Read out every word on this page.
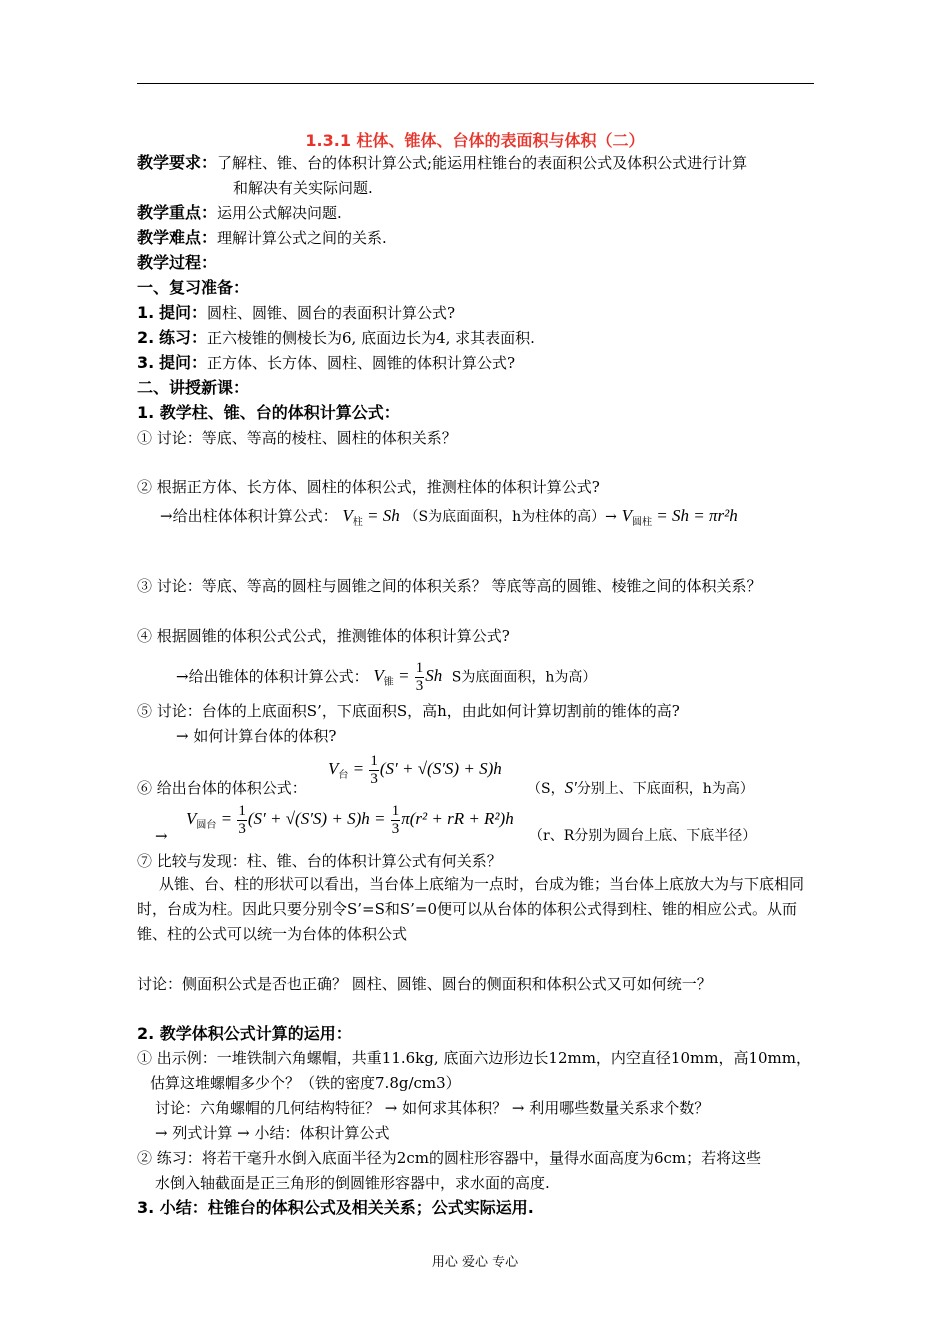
1.3.1 柱体、锥体、台体的表面积与体积（二）
教学要求：了解柱、锥、台的体积计算公式;能运用柱锥台的表面积公式及体积公式进行计算
和解决有关实际问题.
教学重点：运用公式解决问题.
教学难点：理解计算公式之间的关系.
教学过程：
一、复习准备：
1. 提问：圆柱、圆锥、圆台的表面积计算公式?
2. 练习：正六棱锥的侧棱长为6, 底面边长为4, 求其表面积.
3. 提问：正方体、长方体、圆柱、圆锥的体积计算公式?
二、讲授新课：
1. 教学柱、锥、台的体积计算公式：
① 讨论：等底、等高的棱柱、圆柱的体积关系？
② 根据正方体、长方体、圆柱的体积公式，推测柱体的体积计算公式?
→给出柱体体积计算公式： $V_柱 = Sh$ （S为底面面积，h为柱体的高）→ $V_{圆柱} = Sh = \pi r^2h$
③ 讨论：等底、等高的圆柱与圆锥之间的体积关系？ 等底等高的圆锥、棱锥之间的体积关系？
④ 根据圆锥的体积公式公式，推测锥体的体积计算公式?
→给出锥体的体积计算公式： $V_锥 = \frac{1}{3}$ Sh S为底面面积，h为高）
⑤ 讨论：台体的上底面积S’，下底面积S，高h，由此如何计算切割前的锥体的高?
→ 如何计算台体的体积?
⑥ 给出台体的体积公式：
$V_台 = \frac{1}{3} (S' + √(S'S) + S)h$
（S，S′分别上、下底面积，h为高）
→
$V_{圆台} = \frac{1}{3} (S' + √(S'S) + S)h = \frac{1}{3} \pi(r^2$ + rR + R²)h
（r、R分别为圆台上底、下底半径）
⑦ 比较与发现：柱、锥、台的体积计算公式有何关系？
从锥、台、柱的形状可以看出，当台体上底缩为一点时，台成为锥；当台体上底放大为与下底相同时，台成为柱。因此只要分别令S’=S和S’=0便可以从台体的体积公式得到柱、锥的相应公式。从而锥、柱的公式可以统一为台体的体积公式
讨论：侧面积公式是否也正确？ 圆柱、圆锥、圆台的侧面积和体积公式又可如何统一？
2. 教学体积公式计算的运用：
① 出示例：一堆铁制六角螺帽，共重11.6kg, 底面六边形边长12mm，内空直径10mm，高10mm，
估算这堆螺帽多少个？（铁的密度7.8g/cm3）
讨论：六角螺帽的几何结构特征？ → 如何求其体积？ → 利用哪些数量关系求个数？
→ 列式计算 → 小结：体积计算公式
② 练习：将若干毫升水倒入底面半径为2cm的圆柱形容器中，量得水面高度为6cm；若将这些
水倒入轴截面是正三角形的倒圆锥形容器中，求水面的高度.
3. 小结：柱锥台的体积公式及相关关系；公式实际运用.
用心 爱心 专心
